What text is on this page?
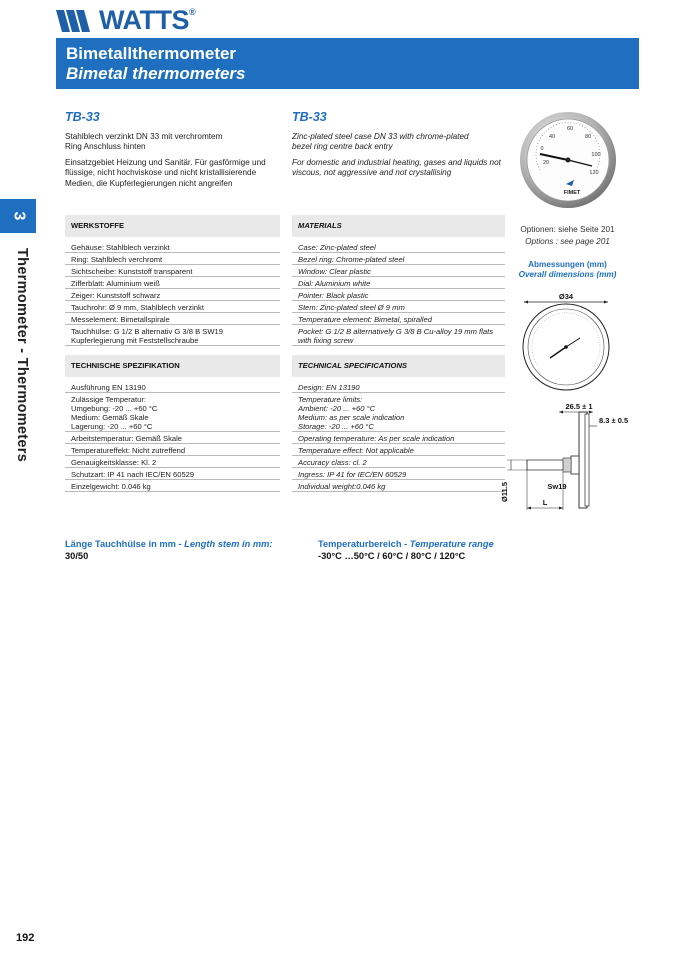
WATTS®
Bimetallthermometer
Bimetal thermometers
3
Thermometer - Thermometers
TB-33
Stahlblech verzinkt DN 33 mit verchromtem
Ring Anschluss hinten
Einsatzgebiet Heizung und Sanitär. Für gasförmige und
flüssige, nicht hochviskose und nicht kristallisierende
Medien, die Kupferlegierungen nicht angreifen
WERKSTOFFE
Gehäuse: Stahlblech verzinkt
Ring: Stahlblech verchromt
Sichtscheibe: Kunststoff transparent
Zifferblatt: Aluminium weiß
Zeiger: Kunststoff schwarz
Tauchrohr: Ø 9 mm, Stahlblech verzinkt
Messelement: Bimetallspirale
Tauchhülse: G 1/2 B alternativ G 3/8 B SW19
Kupferlegierung mit Feststellschraube
TECHNISCHE SPEZIFIKATION
Ausführung EN 13190
Zulässige Temperatur:
Umgebung: -20 ... +60 °C
Medium: Gemäß Skale
Lagerung: -20 ... +60 °C
Arbeitstemperatur: Gemäß Skale
Temperatureffekt: Nicht zutreffend
Genauigkeitsklasse: Kl. 2
Schutzart: IP 41 nach IEC/EN 60529
Einzelgewicht: 0.046 kg
TB-33
Zinc-plated steel case DN 33 with chrome-plated
bezel ring centre back entry
For domestic and industrial heating, gases and liquids not
viscous, not aggressive and not crystallising
MATERIALS
Case: Zinc-plated steel
Bezel ring: Chrome-plated steel
Window: Clear plastic
Dial: Aluminium white
Pointer: Black plastic
Stem: Zinc-plated steel Ø 9 mm
Temperature element: Bimetal, spiralled
Pocket: G 1/2 B alternatively G 3/8 B Cu-alloy 19 mm flats
with fixing screw
TECHNICAL SPECIFICATIONS
Design: EN 13190
Temperature limits:
Ambient: -20 ... +60 °C
Medium: as per scale indication
Storage: -20 ... +60 °C
Operating temperature: As per scale indication
Temperature effect: Not applicable
Accuracy class: cl. 2
Ingress: IP 41 for IEC/EN 60529
Individual weight:0.046 kg
20
40
60
80
100
120
0
FIMET
Optionen: siehe Seite 201
Options : see page 201
Abmessungen (mm)
Overall dimensions (mm)
Ø34
26.5 ± 1
8.3 ± 0.5
Sw19
L
Ø11.5
Länge Tauchhülse in mm - Length stem in mm:
30/50
Temperaturbereich - Temperature range
-30°C …50°C / 60°C / 80°C / 120°C
192
